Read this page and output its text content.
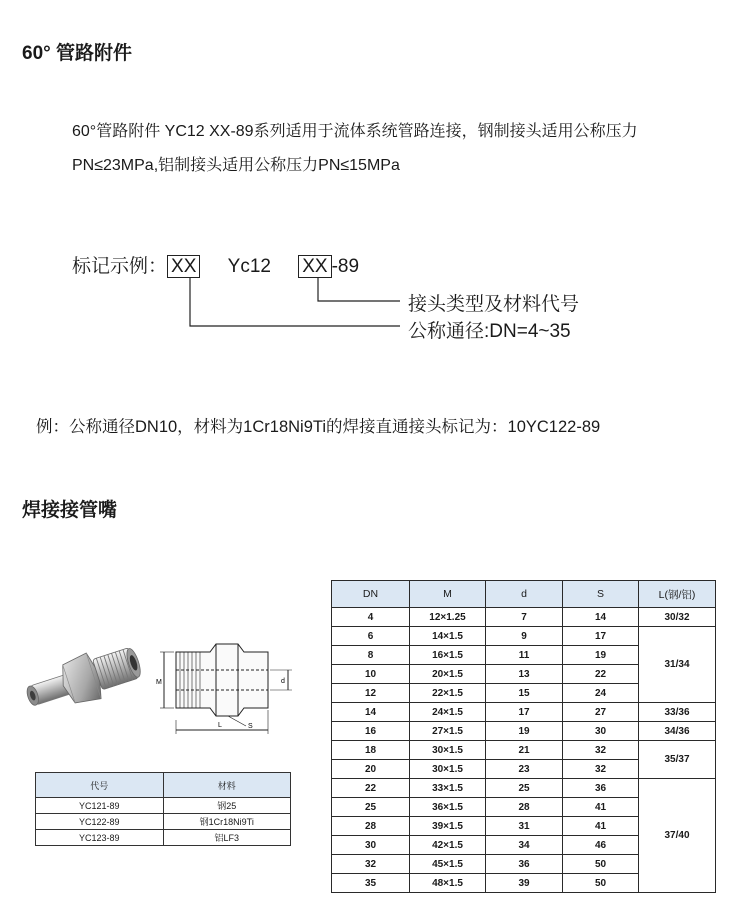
60° 管路附件
60°管路附件 YC12 XX-89系列适用于流体系统管路连接，钢制接头适用公称压力
PN≤23MPa,铝制接头适用公称压力PN≤15MPa
标记示例： XX Yc12 XX -89
接头类型及材料代号
公称通径:DN=4~35
例：公称通径DN10，材料为1Cr18Ni9Ti的焊接直通接头标记为：10YC122-89
焊接接管嘴
M	d
S
L
代号	材料
YC121-89	钢25
YC122-89	钢1Cr18Ni9Ti
YC123-89	铝LF3
DN	M	d	S	L(钢/铝)
4	12×1.25	7	14	30/32
6	14×1.5	9	17	31/34
8	16×1.5	11	19	
10	20×1.5	13	22	
12	22×1.5	15	24	
14	24×1.5	17	27	33/36
16	27×1.5	19	30	34/36
18	30×1.5	21	32	35/37
20	30×1.5	23	32	
22	33×1.5	25	36	37/40
25	36×1.5	28	41	
28	39×1.5	31	41	
30	42×1.5	34	46	
32	45×1.5	36	50	
35	48×1.5	39	50	
